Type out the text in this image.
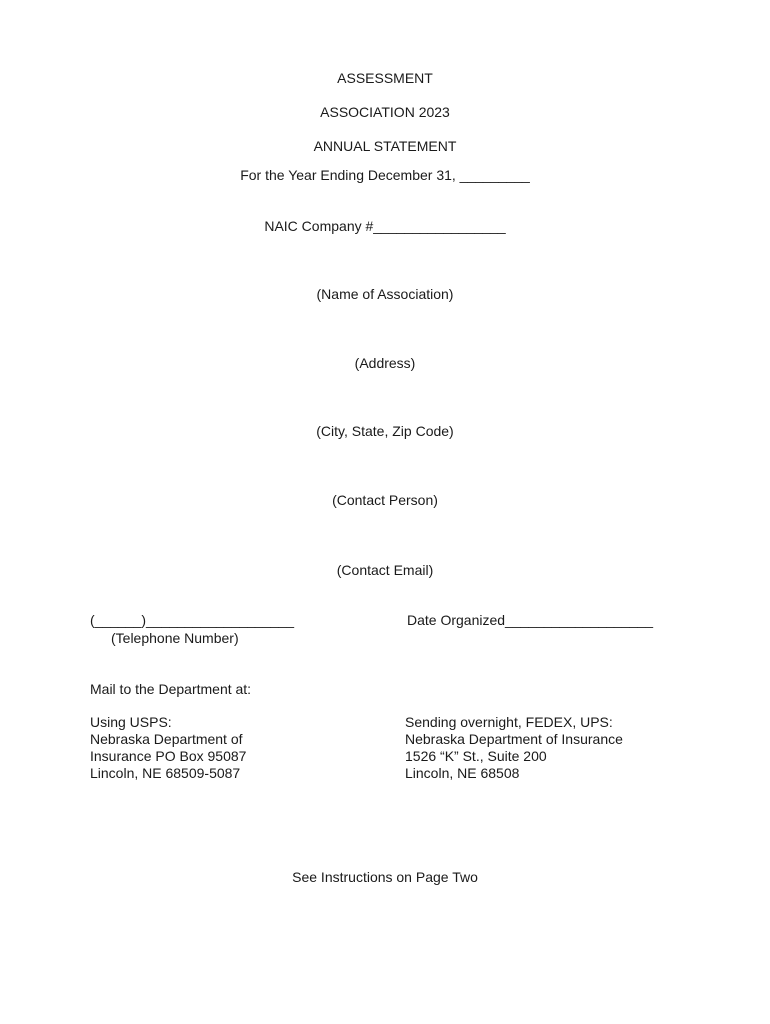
ASSESSMENT
ASSOCIATION 2023
ANNUAL STATEMENT
For the Year Ending December 31, _________
NAIC Company #_________________
(Name of Association)
(Address)
(City, State, Zip Code)
(Contact Person)
(Contact Email)
(______)___________________
(Telephone Number)
Date Organized___________________
Mail to the Department at:
Using USPS:
Nebraska Department of
Insurance PO Box 95087
Lincoln, NE 68509-5087
Sending overnight, FEDEX, UPS:
Nebraska Department of Insurance
1526 “K” St., Suite 200
Lincoln, NE 68508
See Instructions on Page Two
